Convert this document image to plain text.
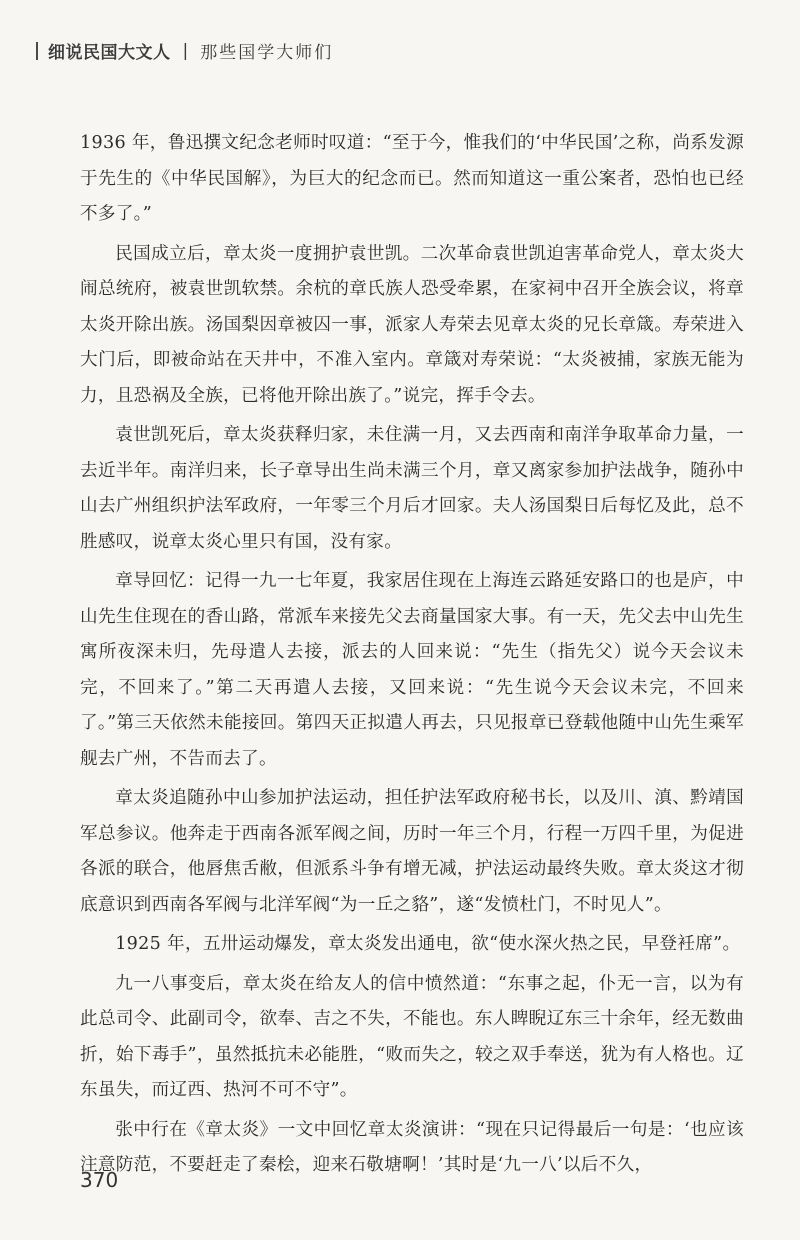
细说民国大文人 | 那些国学大师们

1936 年，鲁迅撰文纪念老师时叹道：“至于今，惟我们的‘中华民国’之称，尚系发源于先生的《中华民国解》，为巨大的纪念而已。然而知道这一重公案者，恐怕也已经不多了。”

民国成立后，章太炎一度拥护袁世凯。二次革命袁世凯迫害革命党人，章太炎大闹总统府，被袁世凯软禁。余杭的章氏族人恐受牵累，在家祠中召开全族会议，将章太炎开除出族。汤国梨因章被囚一事，派家人寿荣去见章太炎的兄长章箴。寿荣进入大门后，即被命站在天井中，不准入室内。章箴对寿荣说：“太炎被捕，家族无能为力，且恐祸及全族，已将他开除出族了。”说完，挥手令去。

袁世凯死后，章太炎获释归家，未住满一月，又去西南和南洋争取革命力量，一去近半年。南洋归来，长子章导出生尚未满三个月，章又离家参加护法战争，随孙中山去广州组织护法军政府，一年零三个月后才回家。夫人汤国梨日后每忆及此，总不胜感叹，说章太炎心里只有国，没有家。

章导回忆：记得一九一七年夏，我家居住现在上海连云路延安路口的也是庐，中山先生住现在的香山路，常派车来接先父去商量国家大事。有一天，先父去中山先生寓所夜深未归，先母遣人去接，派去的人回来说：“先生（指先父）说今天会议未完，不回来了。”第二天再遣人去接，又回来说：“先生说今天会议未完，不回来了。”第三天依然未能接回。第四天正拟遣人再去，只见报章已登载他随中山先生乘军舰去广州，不告而去了。

章太炎追随孙中山参加护法运动，担任护法军政府秘书长，以及川、滇、黔靖国军总参议。他奔走于西南各派军阀之间，历时一年三个月，行程一万四千里，为促进各派的联合，他唇焦舌敝，但派系斗争有增无减，护法运动最终失败。章太炎这才彻底意识到西南各军阀与北洋军阀“为一丘之貉”，遂“发愤杜门，不时见人”。

1925 年，五卅运动爆发，章太炎发出通电，欲“使水深火热之民，早登衽席”。

九一八事变后，章太炎在给友人的信中愤然道：“东事之起，仆无一言，以为有此总司令、此副司令，欲奉、吉之不失，不能也。东人睥睨辽东三十余年，经无数曲折，始下毒手”，虽然抵抗未必能胜，“败而失之，较之双手奉送，犹为有人格也。辽东虽失，而辽西、热河不可不守”。

张中行在《章太炎》一文中回忆章太炎演讲：“现在只记得最后一句是：‘也应该注意防范，不要赶走了秦桧，迎来石敬塘啊！’其时是‘九一八’以后不久，

370
